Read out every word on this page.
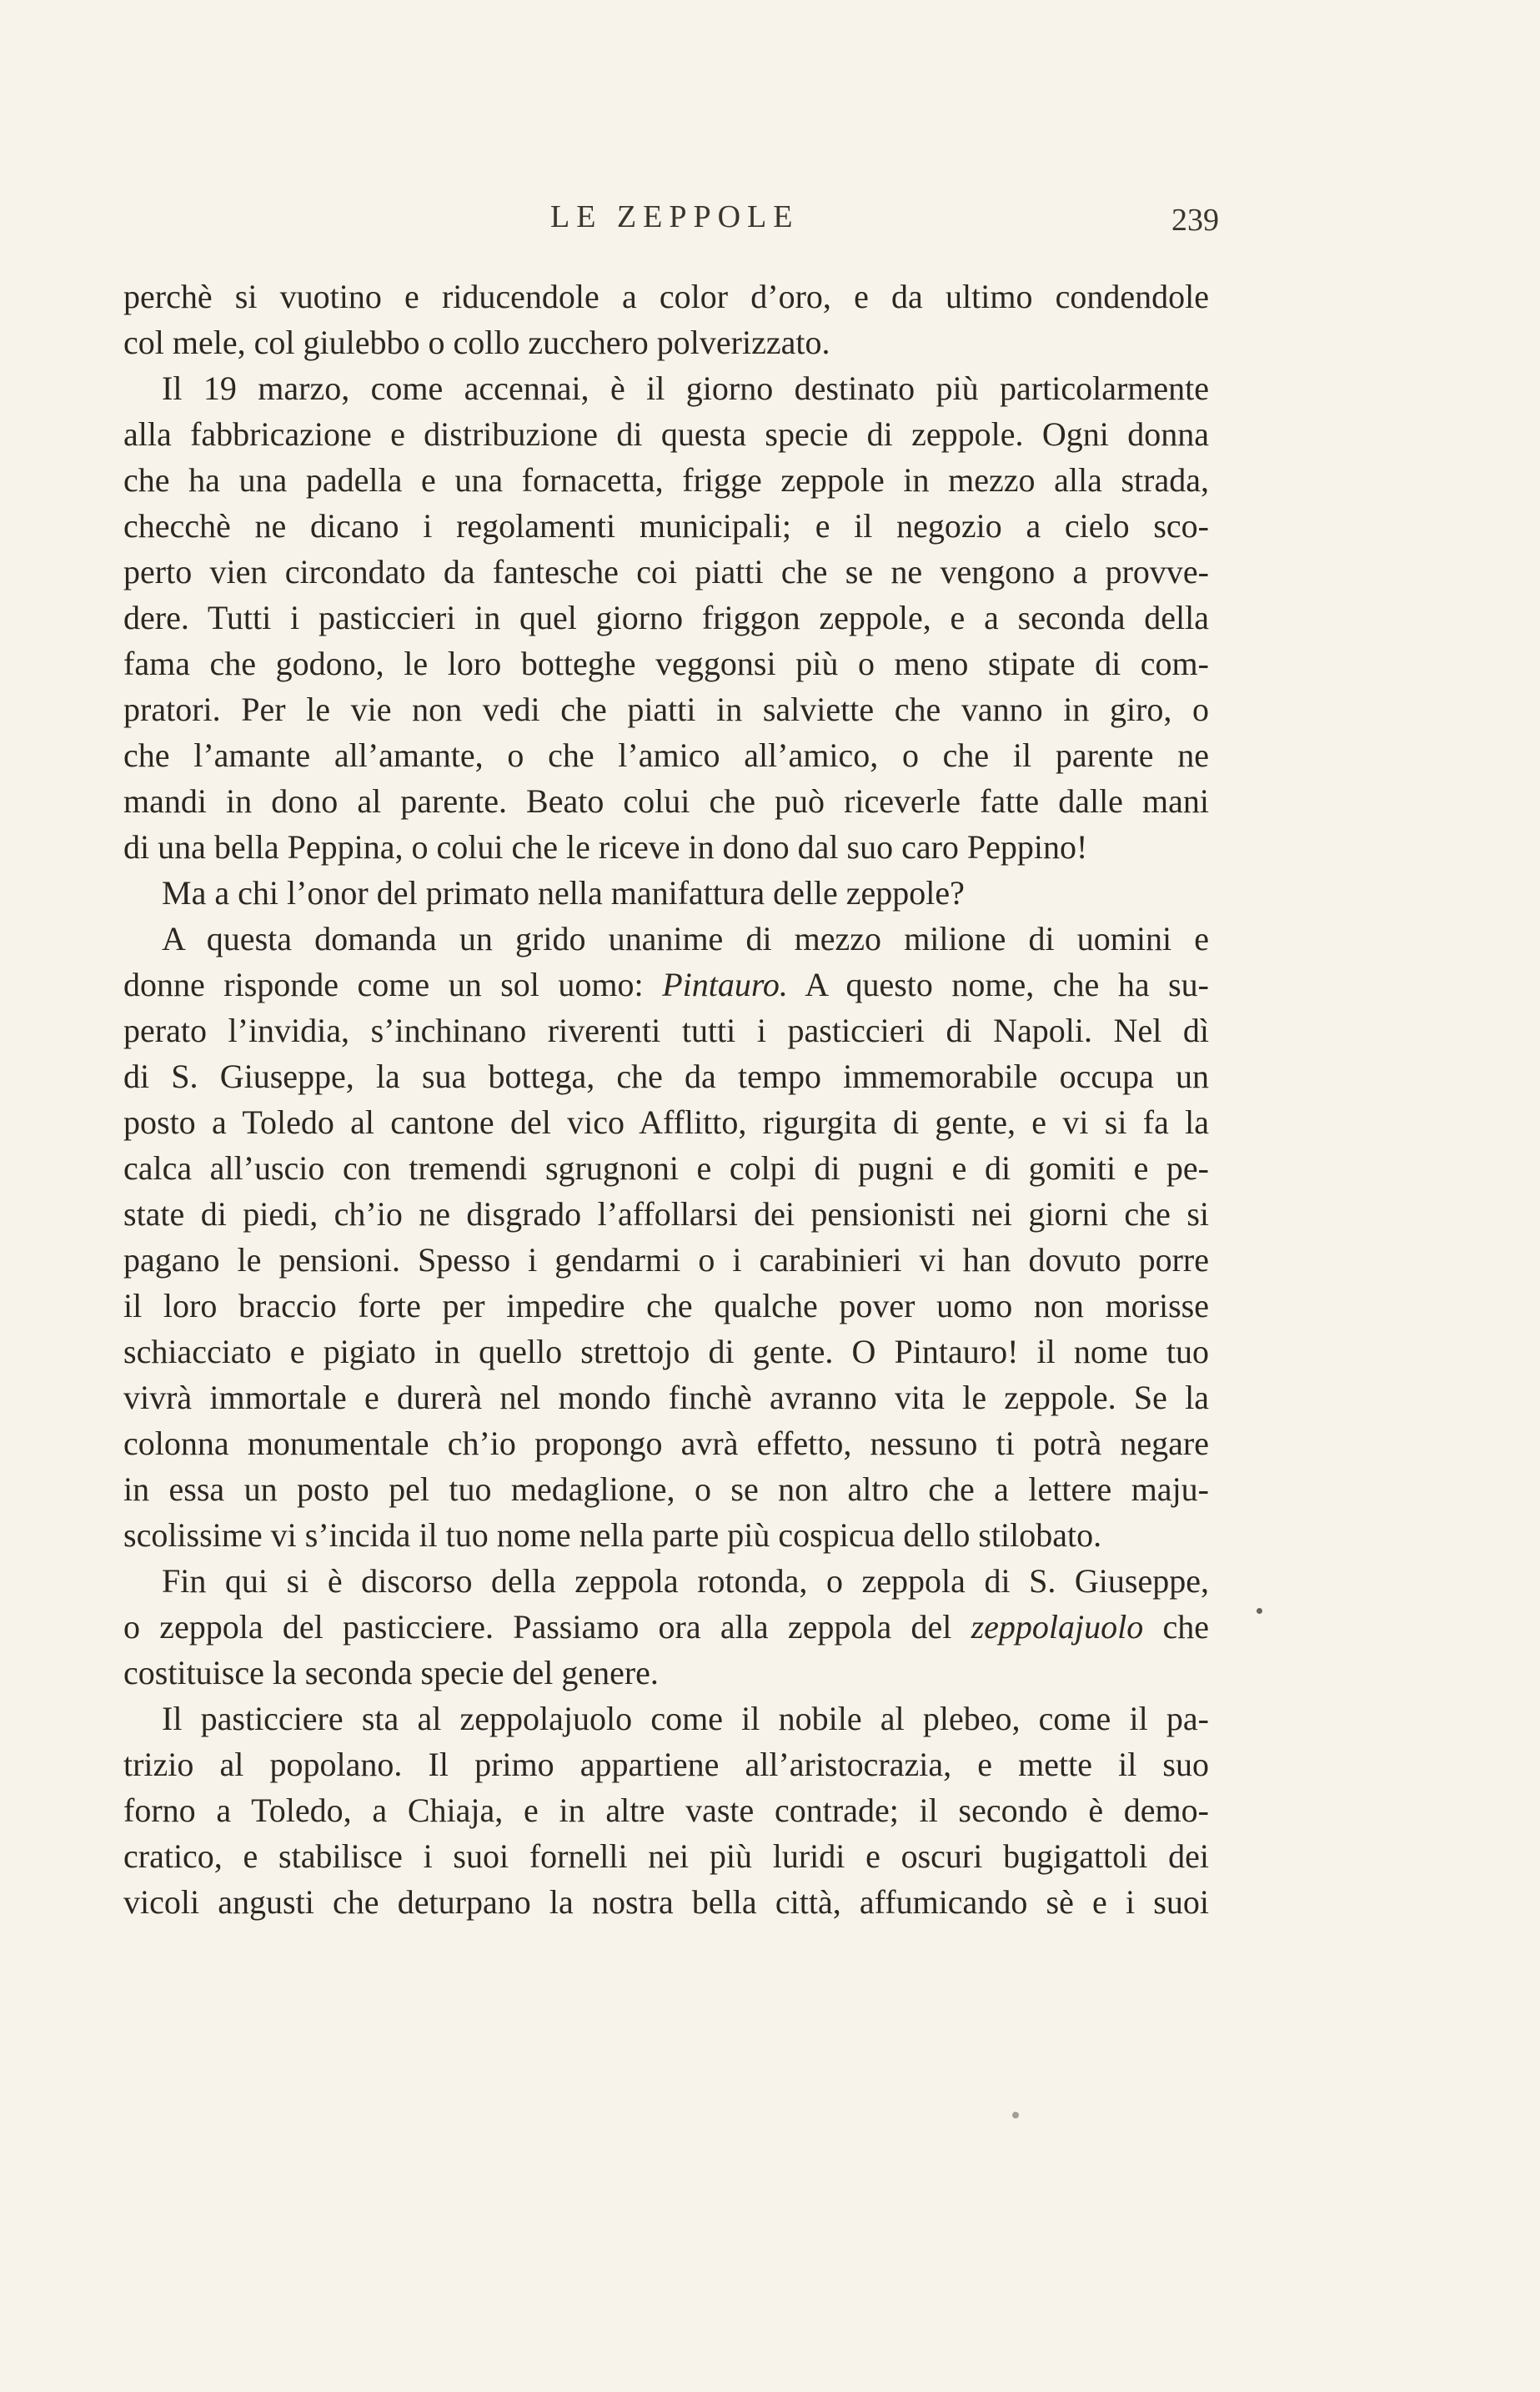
LE ZEPPOLE	239
perchè si vuotino e riducendole a color d’oro, e da ultimo condendole
col mele, col giulebbo o collo zucchero polverizzato.
Il 19 marzo, come accennai, è il giorno destinato più particolarmente
alla fabbricazione e distribuzione di questa specie di zeppole. Ogni donna
che ha una padella e una fornacetta, frigge zeppole in mezzo alla strada,
checchè ne dicano i regolamenti municipali; e il negozio a cielo sco-
perto vien circondato da fantesche coi piatti che se ne vengono a provve-
dere. Tutti i pasticcieri in quel giorno friggon zeppole, e a seconda della
fama che godono, le loro botteghe veggonsi più o meno stipate di com-
pratori. Per le vie non vedi che piatti in salviette che vanno in giro, o
che l’amante all’amante, o che l’amico all’amico, o che il parente ne
mandi in dono al parente. Beato colui che può riceverle fatte dalle mani
di una bella Peppina, o colui che le riceve in dono dal suo caro Peppino!
Ma a chi l’onor del primato nella manifattura delle zeppole?
A questa domanda un grido unanime di mezzo milione di uomini e
donne risponde come un sol uomo: Pintauro. A questo nome, che ha su-
perato l’invidia, s’inchinano riverenti tutti i pasticcieri di Napoli. Nel dì
di S. Giuseppe, la sua bottega, che da tempo immemorabile occupa un
posto a Toledo al cantone del vico Afflitto, rigurgita di gente, e vi si fa la
calca all’uscio con tremendi sgrugnoni e colpi di pugni e di gomiti e pe-
state di piedi, ch’io ne disgrado l’affollarsi dei pensionisti nei giorni che si
pagano le pensioni. Spesso i gendarmi o i carabinieri vi han dovuto porre
il loro braccio forte per impedire che qualche pover uomo non morisse
schiacciato e pigiato in quello strettojo di gente. O Pintauro! il nome tuo
vivrà immortale e durerà nel mondo finchè avranno vita le zeppole. Se la
colonna monumentale ch’io propongo avrà effetto, nessuno ti potrà negare
in essa un posto pel tuo medaglione, o se non altro che a lettere maju-
scolissime vi s’incida il tuo nome nella parte più cospicua dello stilobato.
Fin qui si è discorso della zeppola rotonda, o zeppola di S. Giuseppe,
o zeppola del pasticciere. Passiamo ora alla zeppola del zeppolajuolo che
costituisce la seconda specie del genere.
Il pasticciere sta al zeppolajuolo come il nobile al plebeo, come il pa-
trizio al popolano. Il primo appartiene all’aristocrazia, e mette il suo
forno a Toledo, a Chiaja, e in altre vaste contrade; il secondo è demo-
cratico, e stabilisce i suoi fornelli nei più luridi e oscuri bugigattoli dei
vicoli angusti che deturpano la nostra bella città, affumicando sè e i suoi
